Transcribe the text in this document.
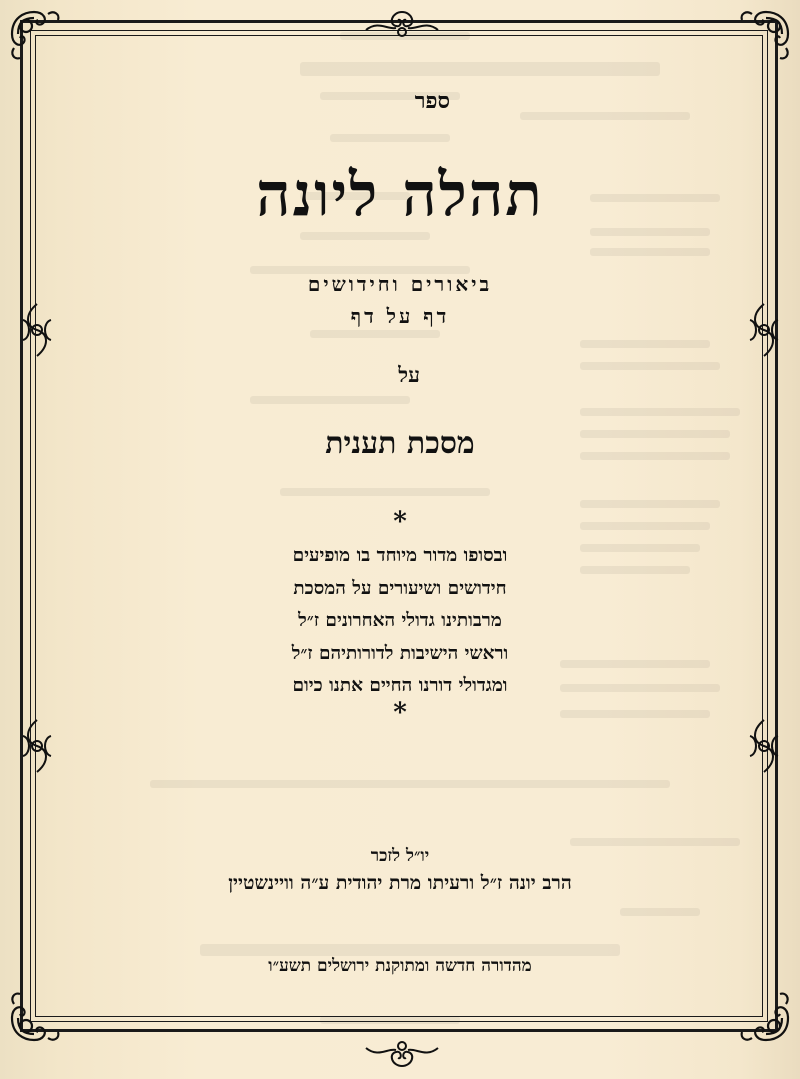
ספר
תהלה ליונה
ביאורים וחידושים
דף על דף
על
מסכת תענית
*
ובסופו מדור מיוחד בו מופיעים
חידושים ושיעורים על המסכת
מרבותינו גדולי האחרונים ז״ל
וראשי הישיבות לדורותיהם ז״ל
ומגדולי דורנו החיים אתנו כיום
*
יו״ל לזכר
הרב יונה ז״ל ורעיתו מרת יהודית ע״ה וויינשטיין
מהדורה חדשה ומתוקנת ירושלים תשע״ו
